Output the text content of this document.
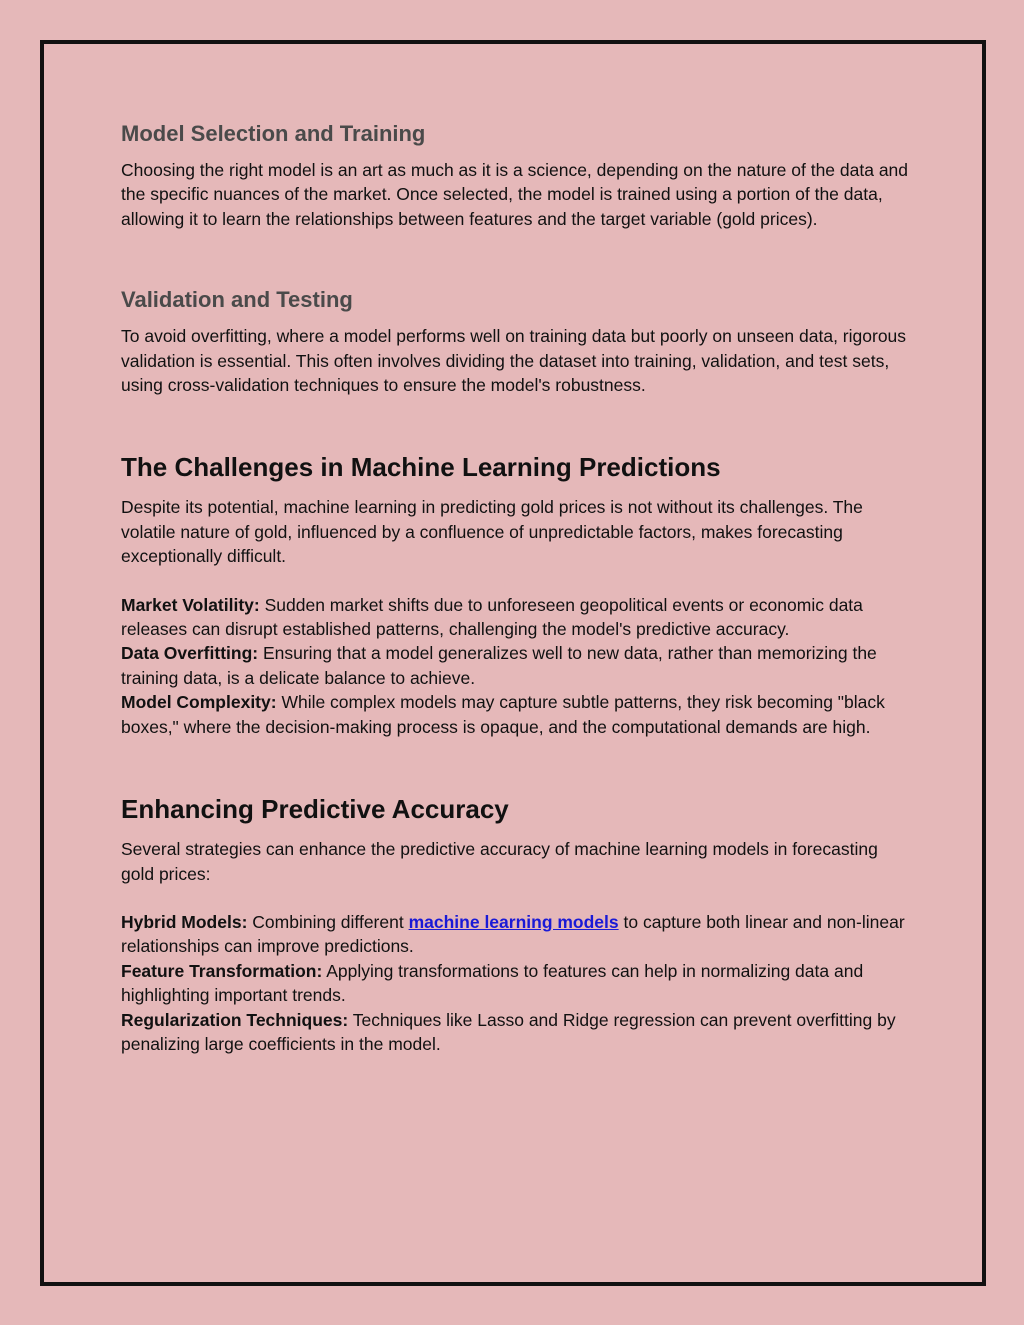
Model Selection and Training

Choosing the right model is an art as much as it is a science, depending on the nature of the data and the specific nuances of the market. Once selected, the model is trained using a portion of the data, allowing it to learn the relationships between features and the target variable (gold prices).

Validation and Testing

To avoid overfitting, where a model performs well on training data but poorly on unseen data, rigorous validation is essential. This often involves dividing the dataset into training, validation, and test sets, using cross-validation techniques to ensure the model's robustness.

The Challenges in Machine Learning Predictions

Despite its potential, machine learning in predicting gold prices is not without its challenges. The volatile nature of gold, influenced by a confluence of unpredictable factors, makes forecasting exceptionally difficult.

Market Volatility: Sudden market shifts due to unforeseen geopolitical events or economic data releases can disrupt established patterns, challenging the model's predictive accuracy.

Data Overfitting: Ensuring that a model generalizes well to new data, rather than memorizing the training data, is a delicate balance to achieve.

Model Complexity: While complex models may capture subtle patterns, they risk becoming "black boxes," where the decision-making process is opaque, and the computational demands are high.

Enhancing Predictive Accuracy

Several strategies can enhance the predictive accuracy of machine learning models in forecasting gold prices:

Hybrid Models: Combining different machine learning models to capture both linear and non-linear relationships can improve predictions.

Feature Transformation: Applying transformations to features can help in normalizing data and highlighting important trends.

Regularization Techniques: Techniques like Lasso and Ridge regression can prevent overfitting by penalizing large coefficients in the model.
